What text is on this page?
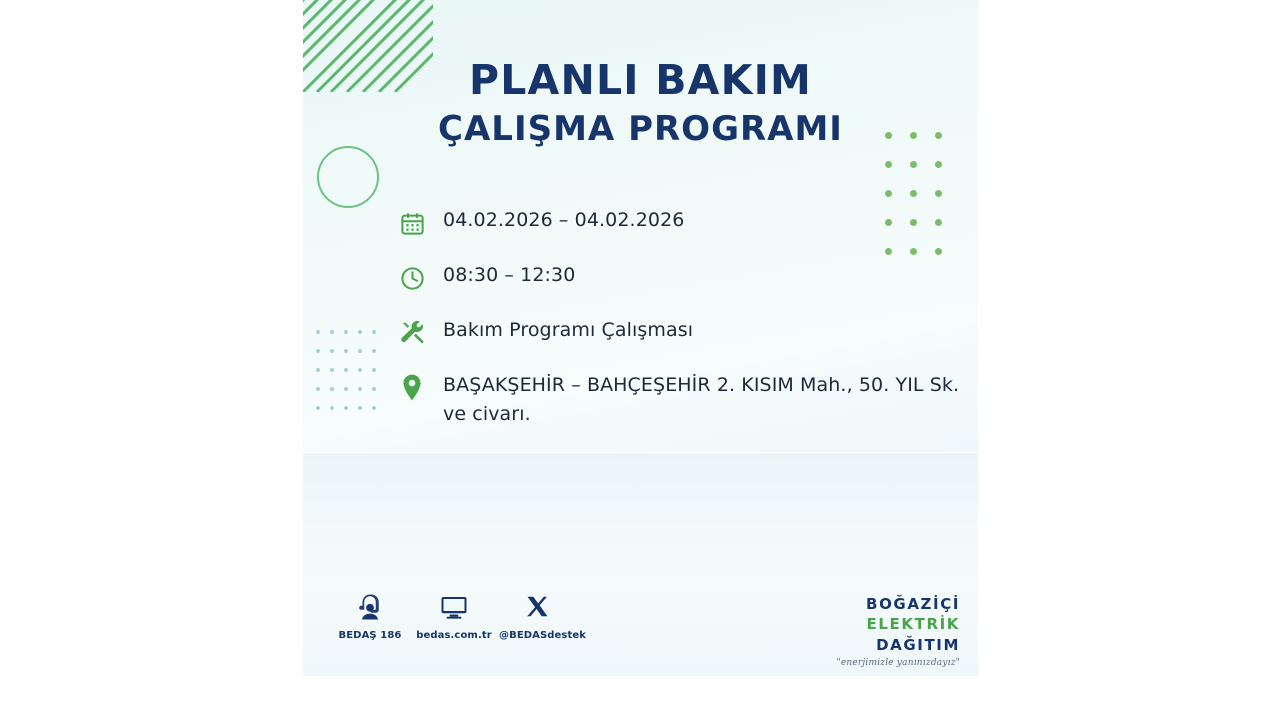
PLANLI BAKIM
ÇALIŞMA PROGRAMI
04.02.2026 – 04.02.2026
08:30 – 12:30
Bakım Programı Çalışması
BAŞAKŞEHİR – BAHÇEŞEHİR 2. KISIM Mah., 50. YIL Sk. ve civarı.
BEDAŞ 186	bedas.com.tr @BEDASdestek
BOĞAZİÇİ
ELEKTRİK
DAĞITIM
"enerjimizle yanınızdayız"
